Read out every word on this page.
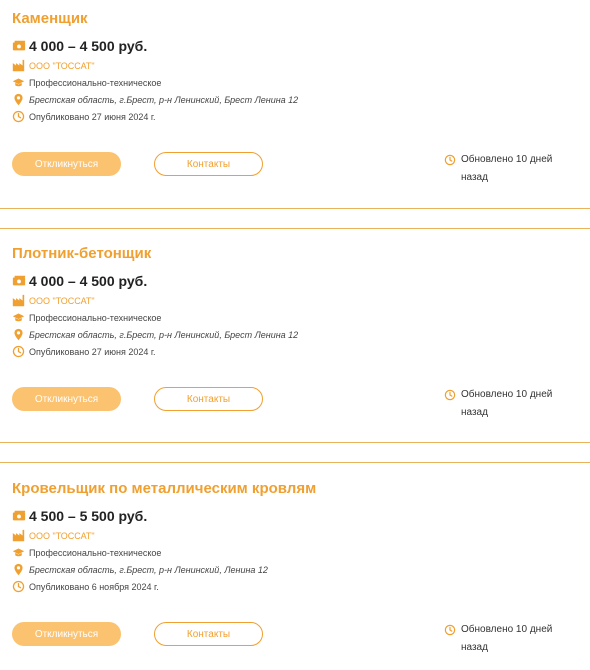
Каменщик
4 000 – 4 500 руб.
ООО "ТОССАТ"
Профессионально-техническое
Брестская область, г.Брест, р-н Ленинский, Брест Ленина 12
Опубликовано 27 июня 2024 г.
Откликнуться	Контакты	Обновлено 10 дней назад
Плотник-бетонщик
4 000 – 4 500 руб.
ООО "ТОССАТ"
Профессионально-техническое
Брестская область, г.Брест, р-н Ленинский, Брест Ленина 12
Опубликовано 27 июня 2024 г.
Откликнуться	Контакты	Обновлено 10 дней назад
Кровельщик по металлическим кровлям
4 500 – 5 500 руб.
ООО "ТОССАТ"
Профессионально-техническое
Брестская область, г.Брест, р-н Ленинский, Ленина 12
Опубликовано 6 ноября 2024 г.
Откликнуться	Контакты	Обновлено 10 дней назад
